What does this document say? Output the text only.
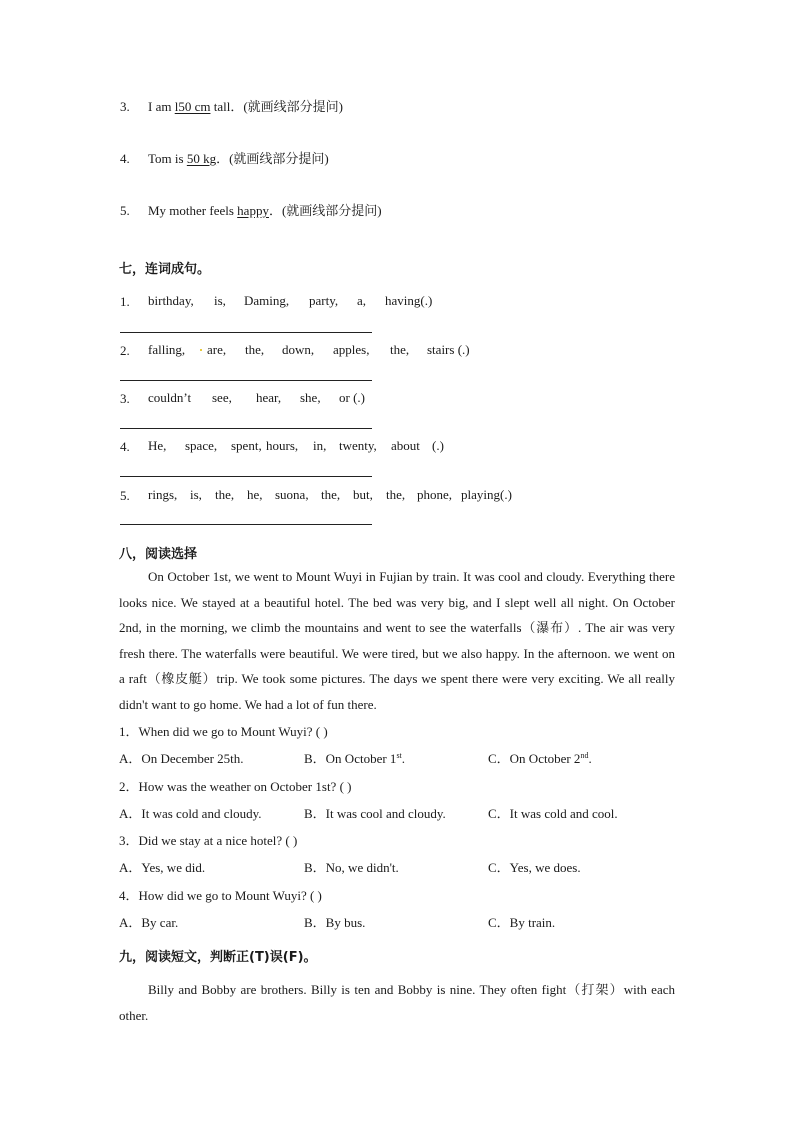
3. I am l50 cm tall．(就画线部分提问)
4. Tom is 50 kg．(就画线部分提问)
5. My mother feels happy．(就画线部分提问)
七，连词成句。
1. birthday, is, Daming, party, a, having(.)
2. falling, are, the, down, apples, the, stairs (.)
3. couldn’t see, hear, she, or (.)
4. He, space, spent, hours, in, twenty, about (.)
5. rings, is, the, he, suona, the, but, the, phone, playing(.)
八，阅读选择
On October 1st, we went to Mount Wuyi in Fujian by train. It was cool and cloudy. Everything there looks nice. We stayed at a beautiful hotel. The bed was very big, and I slept well all night. On October 2nd, in the morning, we climb the mountains and went to see the waterfalls（瀑布）. The air was very fresh there. The waterfalls were beautiful. We were tired, but we also happy. In the afternoon. we went on a raft（橡皮艇）trip. We took some pictures. The days we spent there were very exciting. We all really didn't want to go home. We had a lot of fun there.
1．When did we go to Mount Wuyi? ( )
A．On December 25th.	B．On October 1st.	C．On October 2nd.
2．How was the weather on October 1st? ( )
A．It was cold and cloudy.	B．It was cool and cloudy.	C．It was cold and cool.
3．Did we stay at a nice hotel? ( )
A．Yes, we did.	B．No, we didn't.	C．Yes, we does.
4．How did we go to Mount Wuyi? ( )
A．By car.	B．By bus.	C．By train.
九，阅读短文，判断正(T)误(F)。
Billy and Bobby are brothers. Billy is ten and Bobby is nine. They often fight（打架）with each other.
